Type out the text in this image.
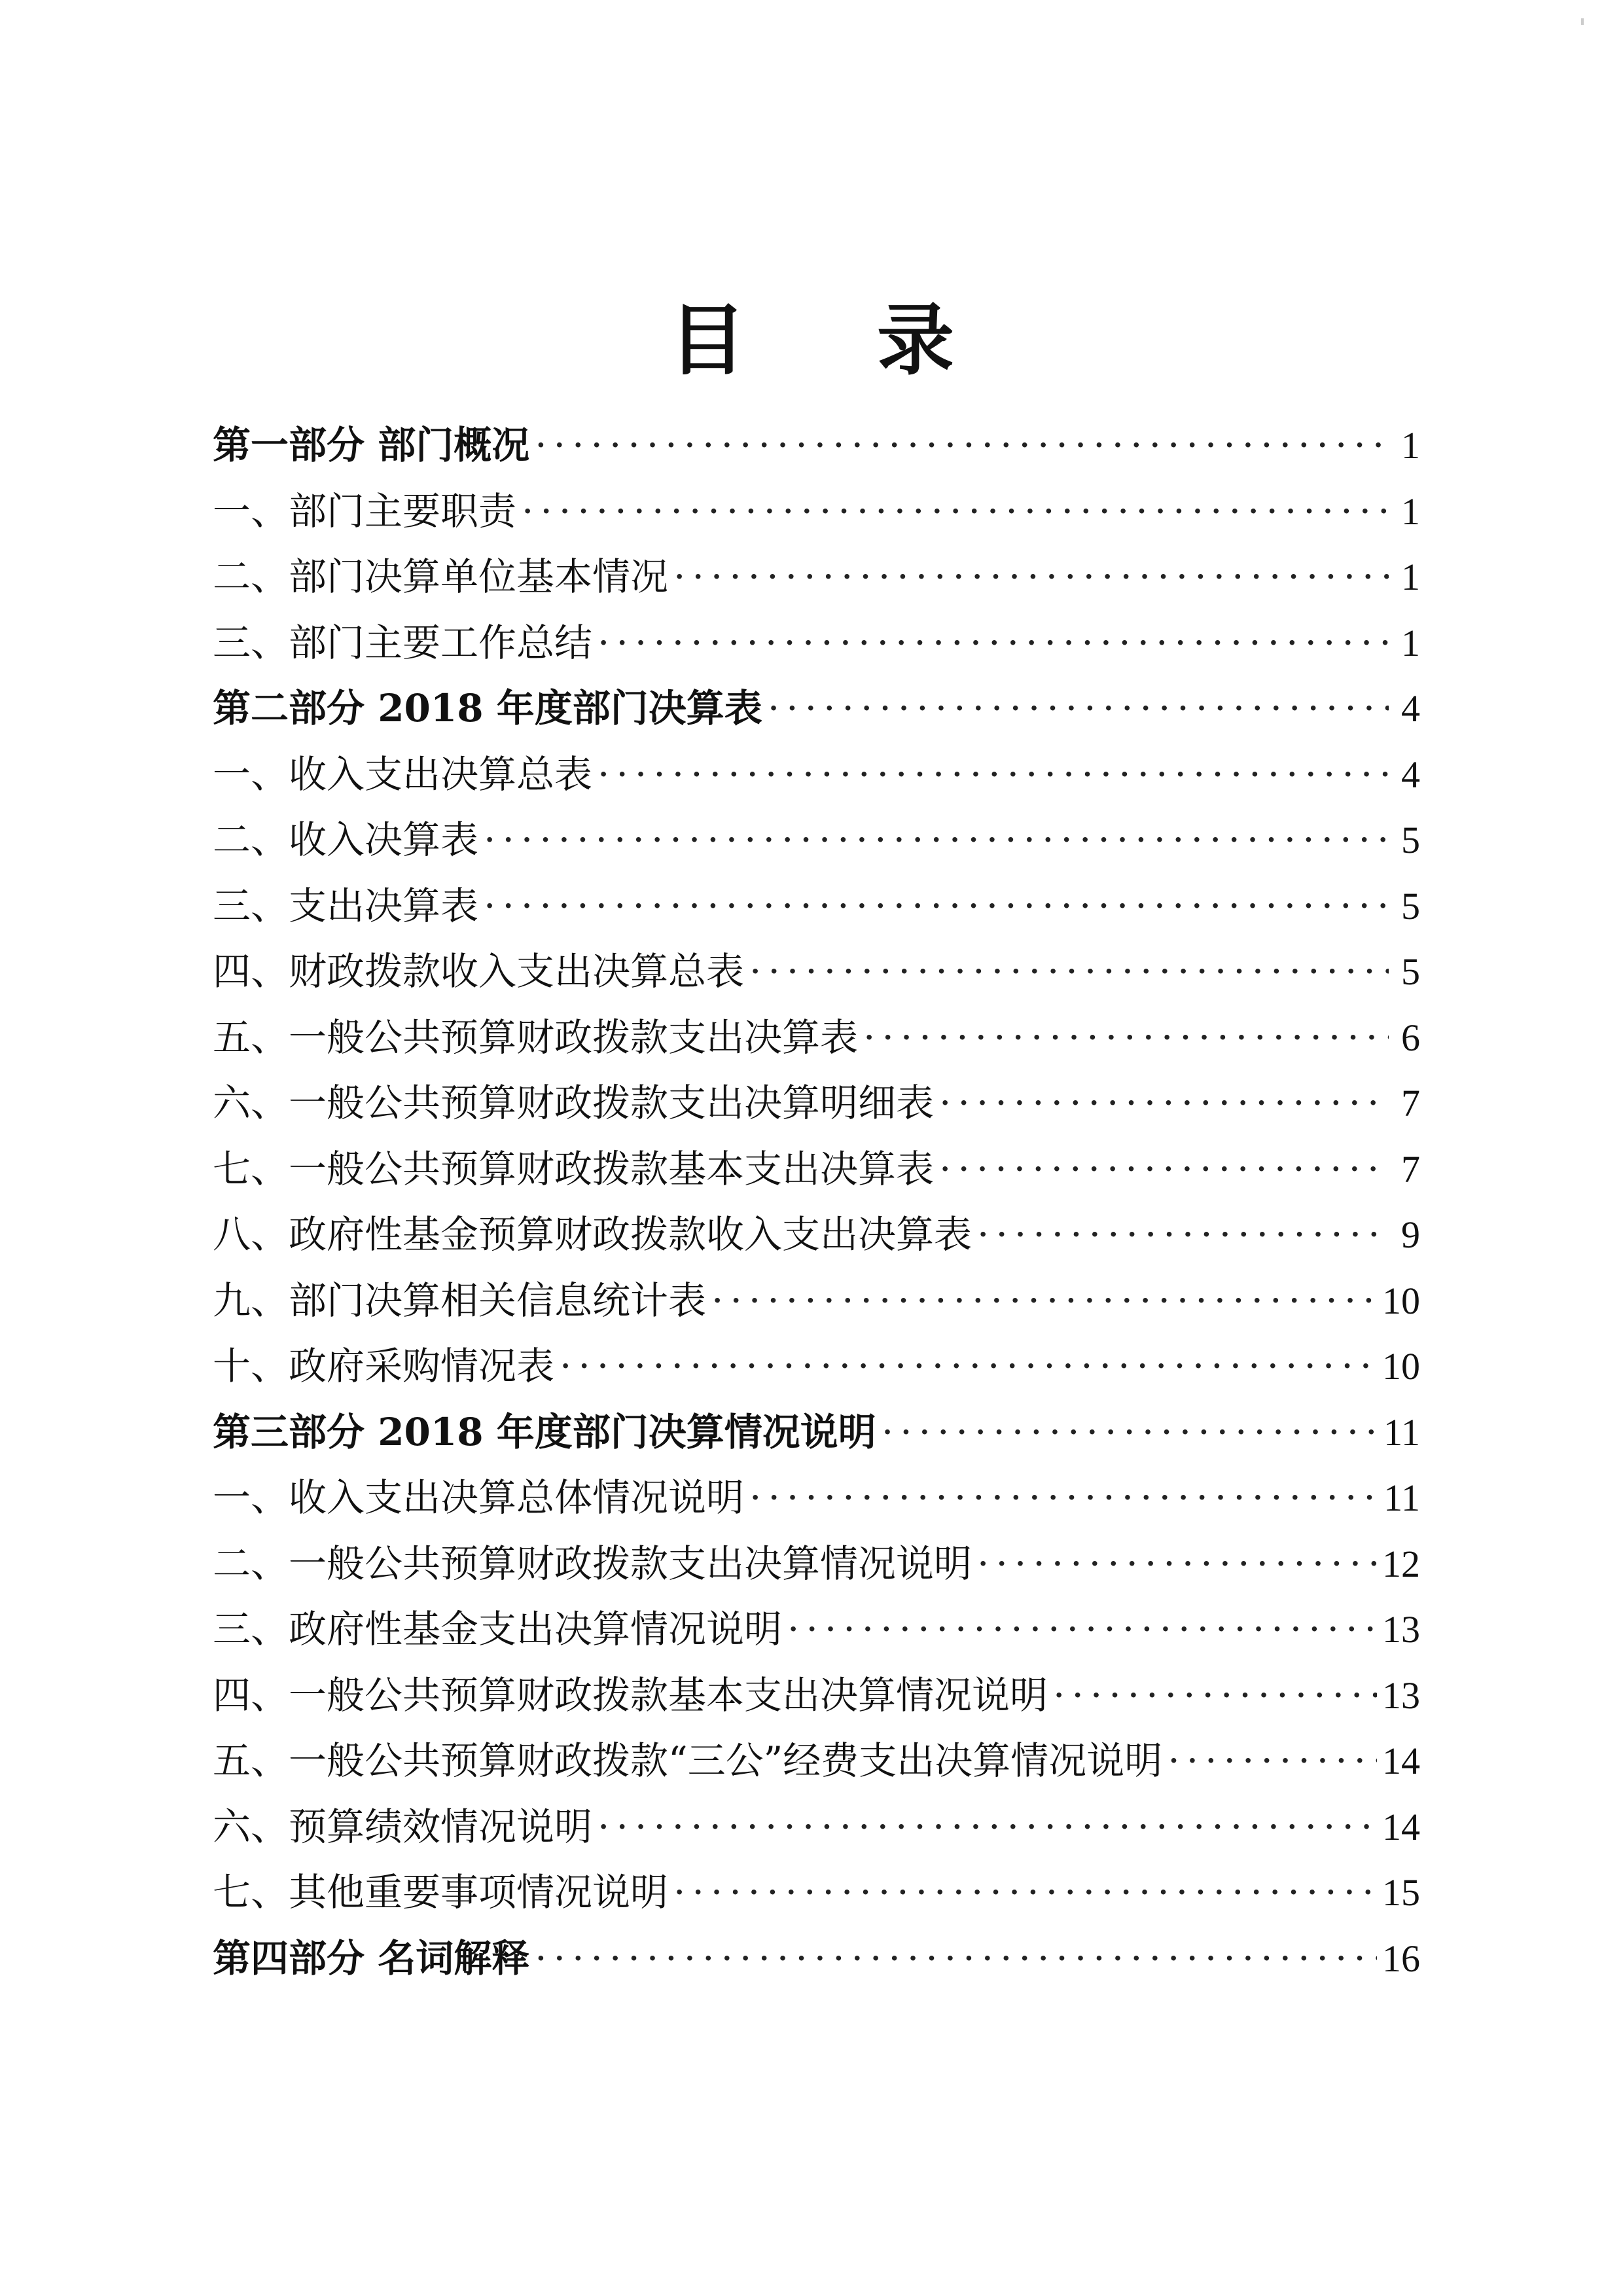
目 录
第一部分 部门概况 ·····	1
一、部门主要职责 ·····	1
二、部门决算单位基本情况 ·····	1
三、部门主要工作总结 ·····	1
第二部分 2018 年度部门决算表 ·····	4
一、收入支出决算总表 ·····	4
二、收入决算表 ·····	5
三、支出决算表 ·····	5
四、财政拨款收入支出决算总表 ·····	5
五、一般公共预算财政拨款支出决算表 ·····	6
六、一般公共预算财政拨款支出决算明细表 ·····	7
七、一般公共预算财政拨款基本支出决算表 ·····	7
八、政府性基金预算财政拨款收入支出决算表 ·····	9
九、部门决算相关信息统计表 ·····	10
十、政府采购情况表 ·····	10
第三部分 2018 年度部门决算情况说明 ·····	11
一、收入支出决算总体情况说明 ·····	11
二、一般公共预算财政拨款支出决算情况说明 ·····	12
三、政府性基金支出决算情况说明 ·····	13
四、一般公共预算财政拨款基本支出决算情况说明 ·····	13
五、一般公共预算财政拨款“三公”经费支出决算情况说明 ·····	14
六、预算绩效情况说明 ·····	14
七、其他重要事项情况说明 ·····	15
第四部分 名词解释 ·····	16
